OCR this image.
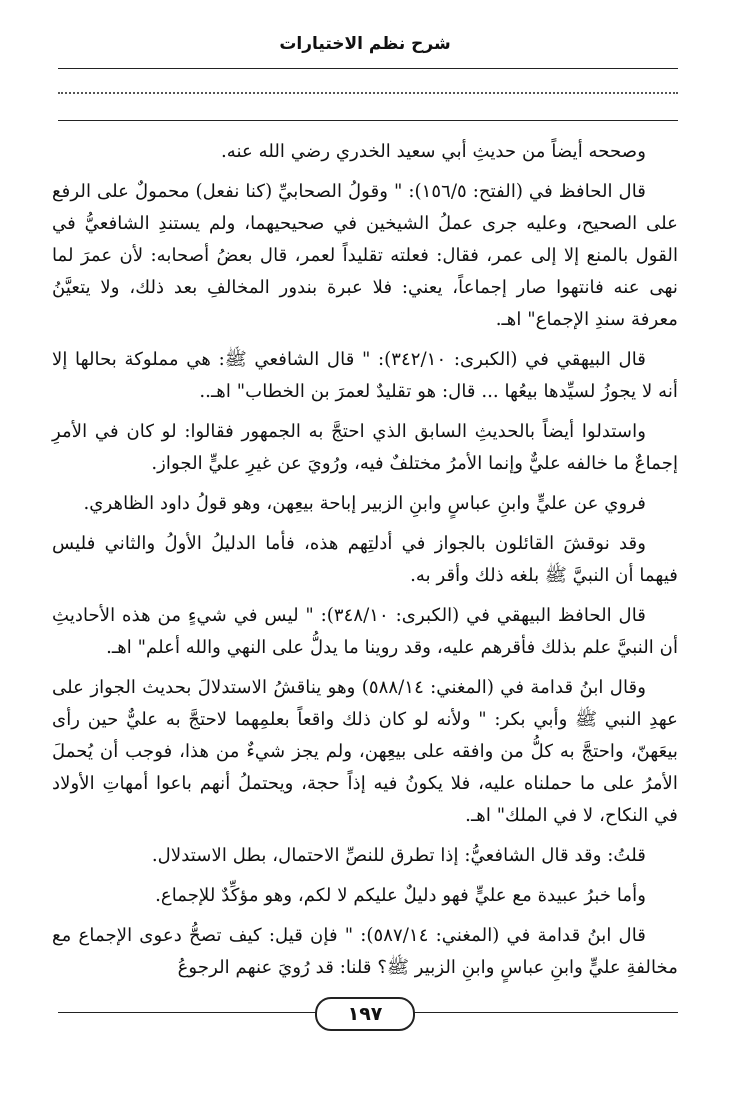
شرح نظم الاختيارات

وصححه أيضاً من حديثِ أبي سعيد الخدري رضي الله عنه.

قال الحافظ في (الفتح: ١٥٦/٥): " وقولُ الصحابيِّ (كنا نفعل) محمولٌ على الرفع على الصحيح، وعليه جرى عملُ الشيخين في صحيحيهما، ولم يستندِ الشافعيُّ في القول بالمنع إلا إلى عمر، فقال: فعلته تقليداً لعمر، قال بعضُ أصحابه: لأن عمرَ لما نهى عنه فانتهوا صار إجماعاً، يعني: فلا عبرة بندور المخالفِ بعد ذلك، ولا يتعيَّنُ معرفة سندِ الإجماع" اهـ.

قال البيهقي في (الكبرى: ٣٤٢/١٠): " قال الشافعي ﷺ: هي مملوكة بحالها إلا أنه لا يجوزُ لسيِّدها بيعُها ... قال: هو تقليدٌ لعمرَ بن الخطاب" اهـ..

واستدلوا أيضاً بالحديثِ السابق الذي احتجَّ به الجمهور فقالوا: لو كان في الأمرِ إجماعٌ ما خالفه عليٌّ وإنما الأمرُ مختلفٌ فيه، ورُويَ عن غيرِ عليٍّ الجواز.

فروي عن عليٍّ وابنِ عباسٍ وابنِ الزبير إباحة بيعِهن، وهو قولُ داود الظاهري.

وقد نوقشَ القائلون بالجواز في أدلتِهم هذه، فأما الدليلُ الأولُ والثاني فليس فيهما أن النبيَّ ﷺ بلغه ذلك وأقر به.

قال الحافظ البيهقي في (الكبرى: ٣٤٨/١٠): " ليس في شيءٍ من هذه الأحاديثِ أن النبيَّ علم بذلك فأقرهم عليه، وقد روينا ما يدلُّ على النهي والله أعلم" اهـ.

وقال ابنُ قدامة في (المغني: ٥٨٨/١٤) وهو يناقشُ الاستدلالَ بحديث الجواز على عهدِ النبي ﷺ وأبي بكر: " ولأنه لو كان ذلك واقعاً بعلمِهما لاحتجَّ به عليٌّ حين رأى بيعَهنّ، واحتجَّ به كلُّ من وافقه على بيعِهن، ولم يجز شيءٌ من هذا، فوجب أن يُحملَ الأمرُ على ما حملناه عليه، فلا يكونُ فيه إذاً حجة، ويحتملُ أنهم باعوا أمهاتِ الأولاد في النكاح، لا في الملك" اهـ.

قلتُ: وقد قال الشافعيُّ: إذا تطرق للنصِّ الاحتمال، بطل الاستدلال.

وأما خبرُ عبيدة مع عليٍّ فهو دليلٌ عليكم لا لكم، وهو مؤكِّدٌ للإجماع.

قال ابنُ قدامة في (المغني: ٥٨٧/١٤): " فإن قيل: كيف تصحُّ دعوى الإجماع مع مخالفةِ عليٍّ وابنِ عباسٍ وابنِ الزبير ﷺ؟ قلنا: قد رُويَ عنهم الرجوعُ

١٩٧
